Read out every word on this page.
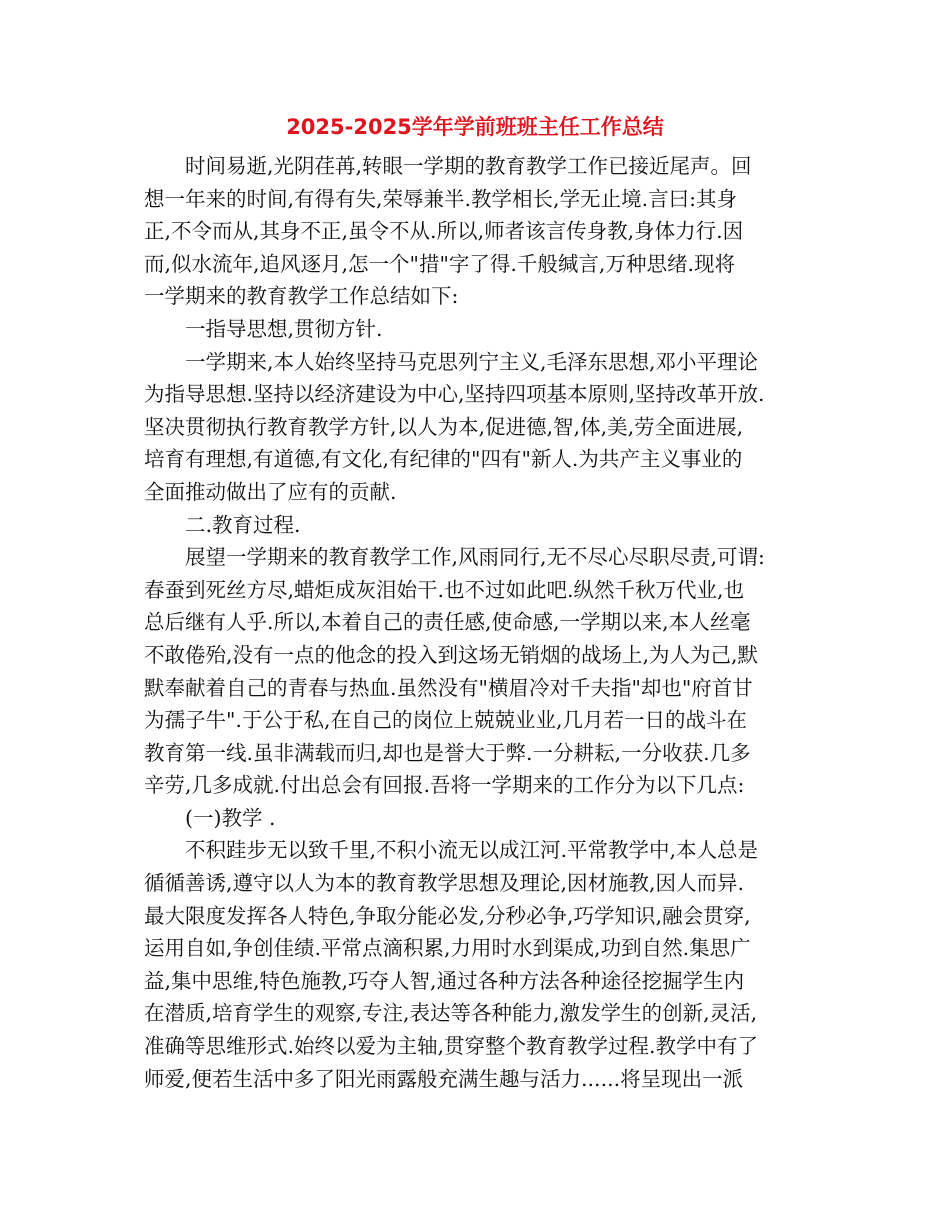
2025-2025学年学前班班主任工作总结
时间易逝,光阴荏苒,转眼一学期的教育教学工作已接近尾声。回
想一年来的时间,有得有失,荣辱兼半.教学相长,学无止境.言曰:其身
正,不令而从,其身不正,虽令不从.所以,师者该言传身教,身体力行.因
而,似水流年,追风逐月,怎一个"措"字了得.千般缄言,万种思绪.现将
一学期来的教育教学工作总结如下:
一指导思想,贯彻方针.
一学期来,本人始终坚持马克思列宁主义,毛泽东思想,邓小平理论
为指导思想.坚持以经济建设为中心,坚持四项基本原则,坚持改革开放.
坚决贯彻执行教育教学方针,以人为本,促进德,智,体,美,劳全面进展,
培育有理想,有道德,有文化,有纪律的"四有"新人.为共产主义事业的
全面推动做出了应有的贡献.
二.教育过程.
展望一学期来的教育教学工作,风雨同行,无不尽心尽职尽责,可谓:
春蚕到死丝方尽,蜡炬成灰泪始干.也不过如此吧.纵然千秋万代业,也
总后继有人乎.所以,本着自己的责任感,使命感,一学期以来,本人丝毫
不敢倦殆,没有一点的他念的投入到这场无销烟的战场上,为人为己,默
默奉献着自己的青春与热血.虽然没有"横眉冷对千夫指"却也"府首甘
为孺子牛".于公于私,在自己的岗位上兢兢业业,几月若一日的战斗在
教育第一线.虽非满载而归,却也是誉大于弊.一分耕耘,一分收获.几多
辛劳,几多成就.付出总会有回报.吾将一学期来的工作分为以下几点:
(一)教学 .
不积跬步无以致千里,不积小流无以成江河.平常教学中,本人总是
循循善诱,遵守以人为本的教育教学思想及理论,因材施教,因人而异.
最大限度发挥各人特色,争取分能必发,分秒必争,巧学知识,融会贯穿,
运用自如,争创佳绩.平常点滴积累,力用时水到渠成,功到自然.集思广
益,集中思维,特色施教,巧夺人智,通过各种方法各种途径挖掘学生内
在潜质,培育学生的观察,专注,表达等各种能力,激发学生的创新,灵活,
准确等思维形式.始终以爱为主轴,贯穿整个教育教学过程.教学中有了
师爱,便若生活中多了阳光雨露般充满生趣与活力......将呈现出一派
